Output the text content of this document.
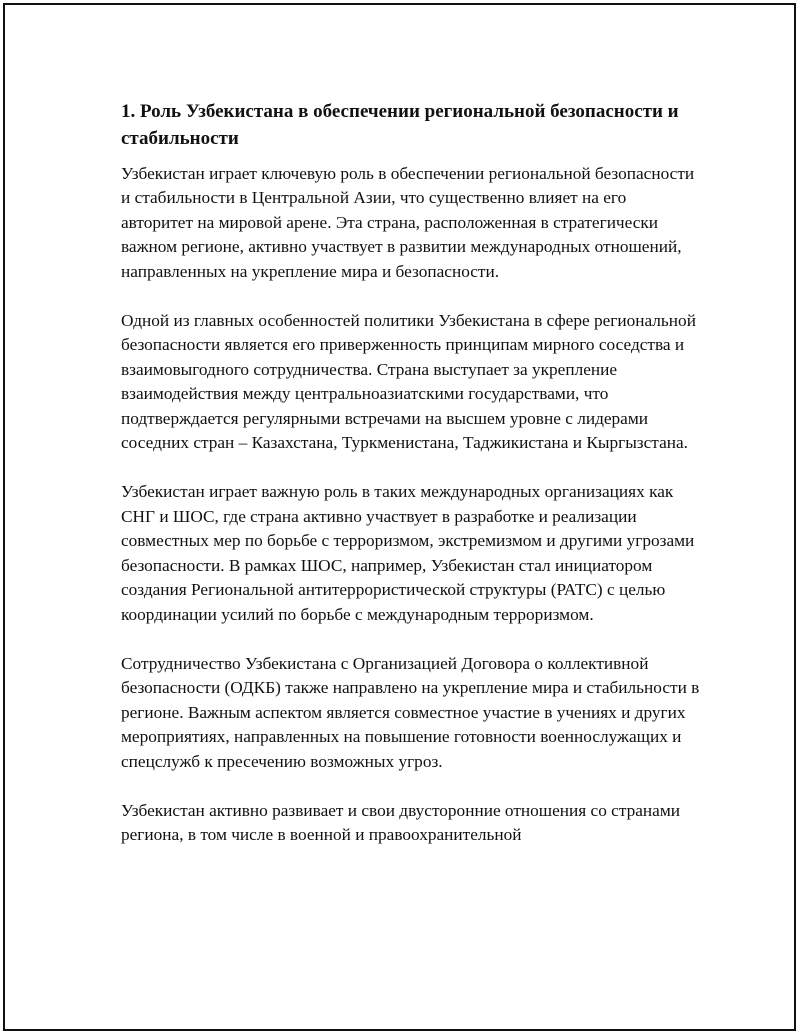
1. Роль Узбекистана в обеспечении региональной безопасности и стабильности

Узбекистан играет ключевую роль в обеспечении региональной безопасности и стабильности в Центральной Азии, что существенно влияет на его авторитет на мировой арене. Эта страна, расположенная в стратегически важном регионе, активно участвует в развитии международных отношений, направленных на укрепление мира и безопасности.

Одной из главных особенностей политики Узбекистана в сфере региональной безопасности является его приверженность принципам мирного соседства и взаимовыгодного сотрудничества. Страна выступает за укрепление взаимодействия между центральноазиатскими государствами, что подтверждается регулярными встречами на высшем уровне с лидерами соседних стран – Казахстана, Туркменистана, Таджикистана и Кыргызстана.

Узбекистан играет важную роль в таких международных организациях как СНГ и ШОС, где страна активно участвует в разработке и реализации совместных мер по борьбе с терроризмом, экстремизмом и другими угрозами безопасности. В рамках ШОС, например, Узбекистан стал инициатором создания Региональной антитеррористической структуры (РАТС) с целью координации усилий по борьбе с международным терроризмом.

Сотрудничество Узбекистана с Организацией Договора о коллективной безопасности (ОДКБ) также направлено на укрепление мира и стабильности в регионе. Важным аспектом является совместное участие в учениях и других мероприятиях, направленных на повышение готовности военнослужащих и спецслужб к пресечению возможных угроз.

Узбекистан активно развивает и свои двусторонние отношения со странами региона, в том числе в военной и правоохранительной
